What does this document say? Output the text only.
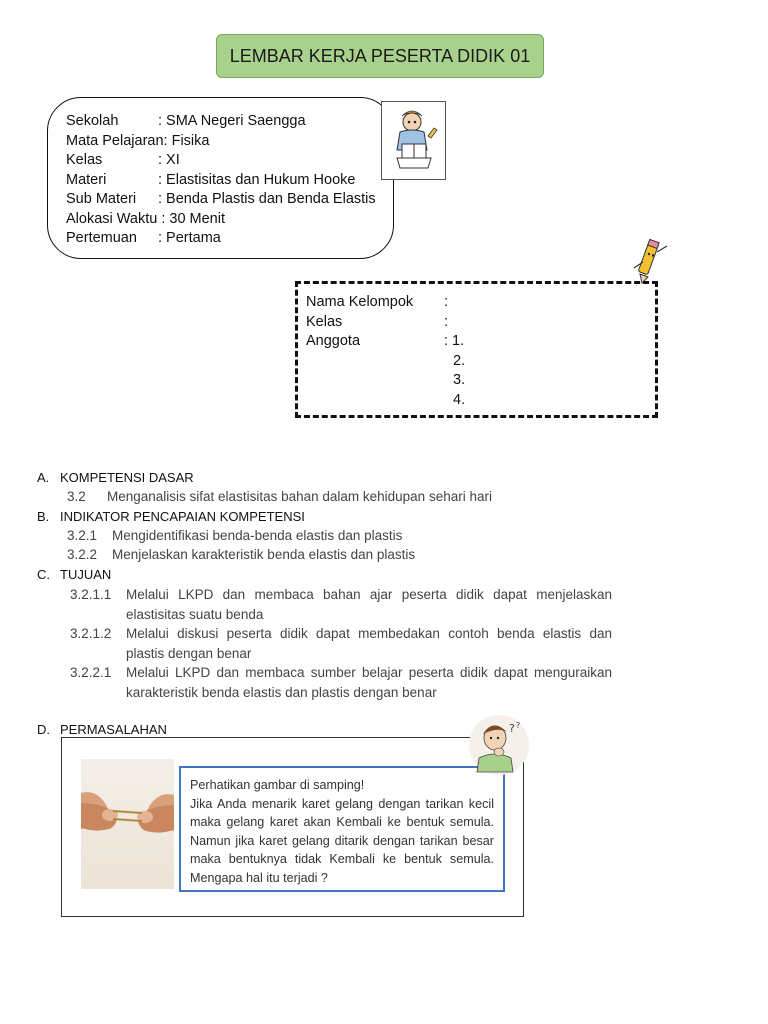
LEMBAR KERJA PESERTA DIDIK 01
Sekolah	: SMA Negeri Saengga
Mata Pelajaran : Fisika
Kelas	: XI
Materi	: Elastisitas dan Hukum Hooke
Sub Materi	: Benda Plastis dan Benda Elastis
Alokasi Waktu : 30 Menit
Pertemuan	: Pertama
Nama Kelompok	:
Kelas	:
Anggota	: 1.
2.
3.
4.
A. KOMPETENSI DASAR
3.2 Menganalisis sifat elastisitas bahan dalam kehidupan sehari hari
B. INDIKATOR PENCAPAIAN KOMPETENSI
3.2.1 Mengidentifikasi benda-benda elastis dan plastis
3.2.2 Menjelaskan karakteristik benda elastis dan plastis
C. TUJUAN
3.2.1.1	Melalui LKPD dan membaca bahan ajar peserta didik dapat menjelaskan elastisitas suatu benda
3.2.1.2	Melalui diskusi peserta didik dapat membedakan contoh benda elastis dan plastis dengan benar
3.2.2.1	Melalui LKPD dan membaca sumber belajar peserta didik dapat menguraikan karakteristik benda elastis dan plastis dengan benar
D. PERMASALAHAN
Perhatikan gambar di samping!
Jika Anda menarik karet gelang dengan tarikan kecil maka gelang karet akan Kembali ke bentuk semula. Namun jika karet gelang ditarik dengan tarikan besar maka bentuknya tidak Kembali ke bentuk semula. Mengapa hal itu terjadi ?
? ?
